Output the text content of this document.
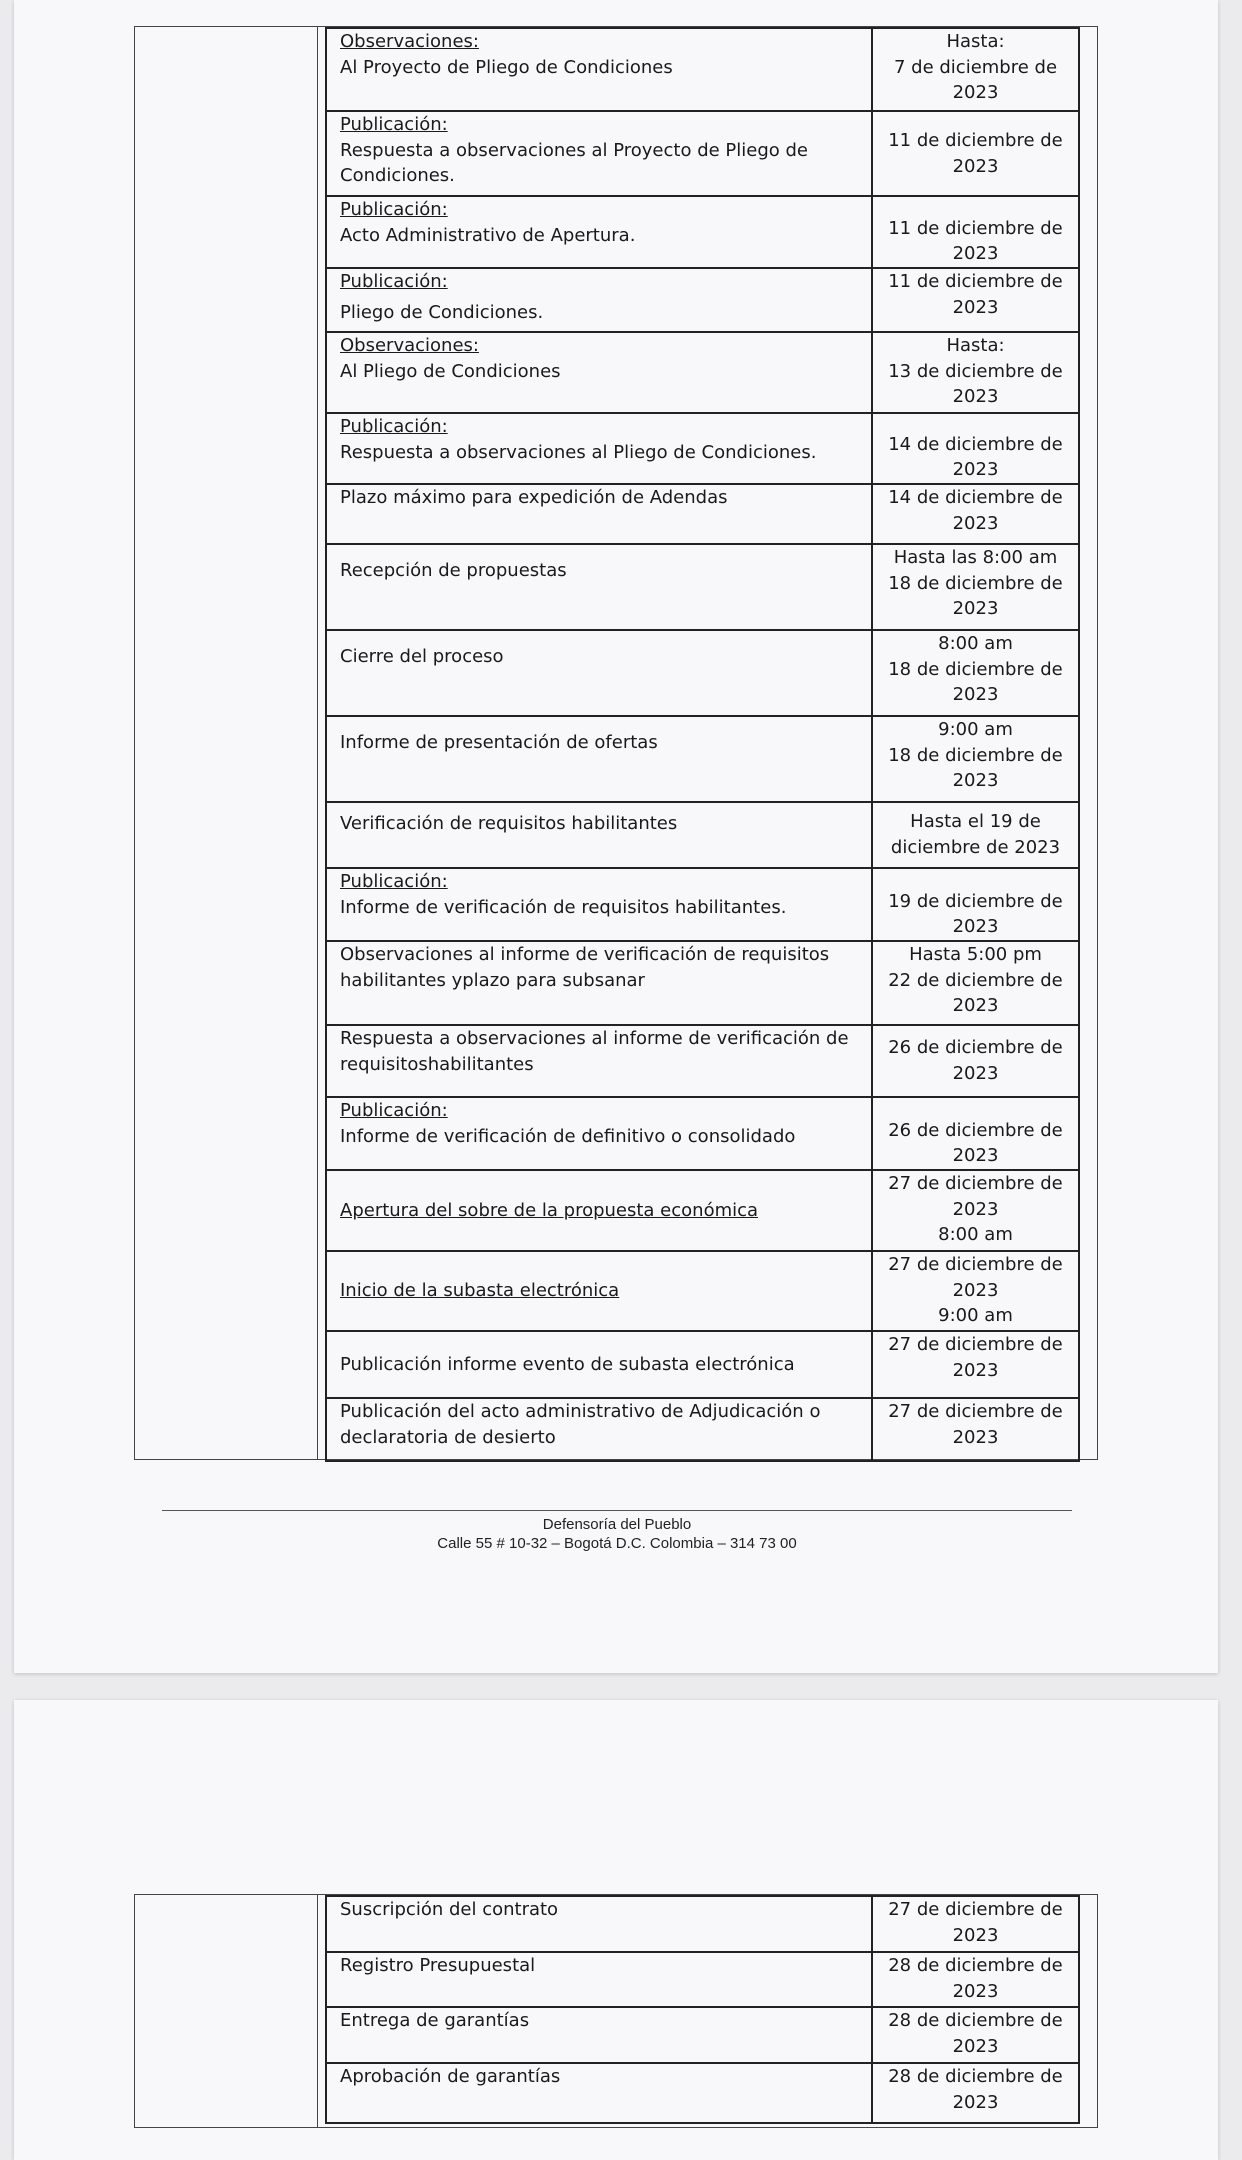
Observaciones:
Al Proyecto de Pliego de Condiciones	Hasta:
7 de diciembre de
2023

Publicación:
Respuesta a observaciones al Proyecto de Pliego de
Condiciones.	11 de diciembre de
2023

Publicación:
Acto Administrativo de Apertura.	11 de diciembre de
2023

Publicación:
Pliego de Condiciones.	11 de diciembre de
2023

Observaciones:
Al Pliego de Condiciones	Hasta:
13 de diciembre de
2023

Publicación:
Respuesta a observaciones al Pliego de Condiciones.	14 de diciembre de
2023

Plazo máximo para expedición de Adendas	14 de diciembre de
2023

Recepción de propuestas	Hasta las 8:00 am
18 de diciembre de
2023

Cierre del proceso	8:00 am
18 de diciembre de
2023

Informe de presentación de ofertas	9:00 am
18 de diciembre de
2023

Verificación de requisitos habilitantes	Hasta el 19 de
diciembre de 2023

Publicación:
Informe de verificación de requisitos habilitantes.	19 de diciembre de
2023

Observaciones al informe de verificación de requisitos
habilitantes yplazo para subsanar	Hasta 5:00 pm
22 de diciembre de
2023

Respuesta a observaciones al informe de verificación de
requisitoshabilitantes	26 de diciembre de
2023

Publicación:
Informe de verificación de definitivo o consolidado	26 de diciembre de
2023

Apertura del sobre de la propuesta económica	27 de diciembre de
2023
8:00 am

Inicio de la subasta electrónica	27 de diciembre de
2023
9:00 am

Publicación informe evento de subasta electrónica	27 de diciembre de
2023

Publicación del acto administrativo de Adjudicación o
declaratoria de desierto	27 de diciembre de
2023
Defensoría del Pueblo
Calle 55 # 10-32 – Bogotá D.C. Colombia – 314 73 00
Suscripción del contrato	27 de diciembre de
2023

Registro Presupuestal	28 de diciembre de
2023

Entrega de garantías	28 de diciembre de
2023

Aprobación de garantías	28 de diciembre de
2023
